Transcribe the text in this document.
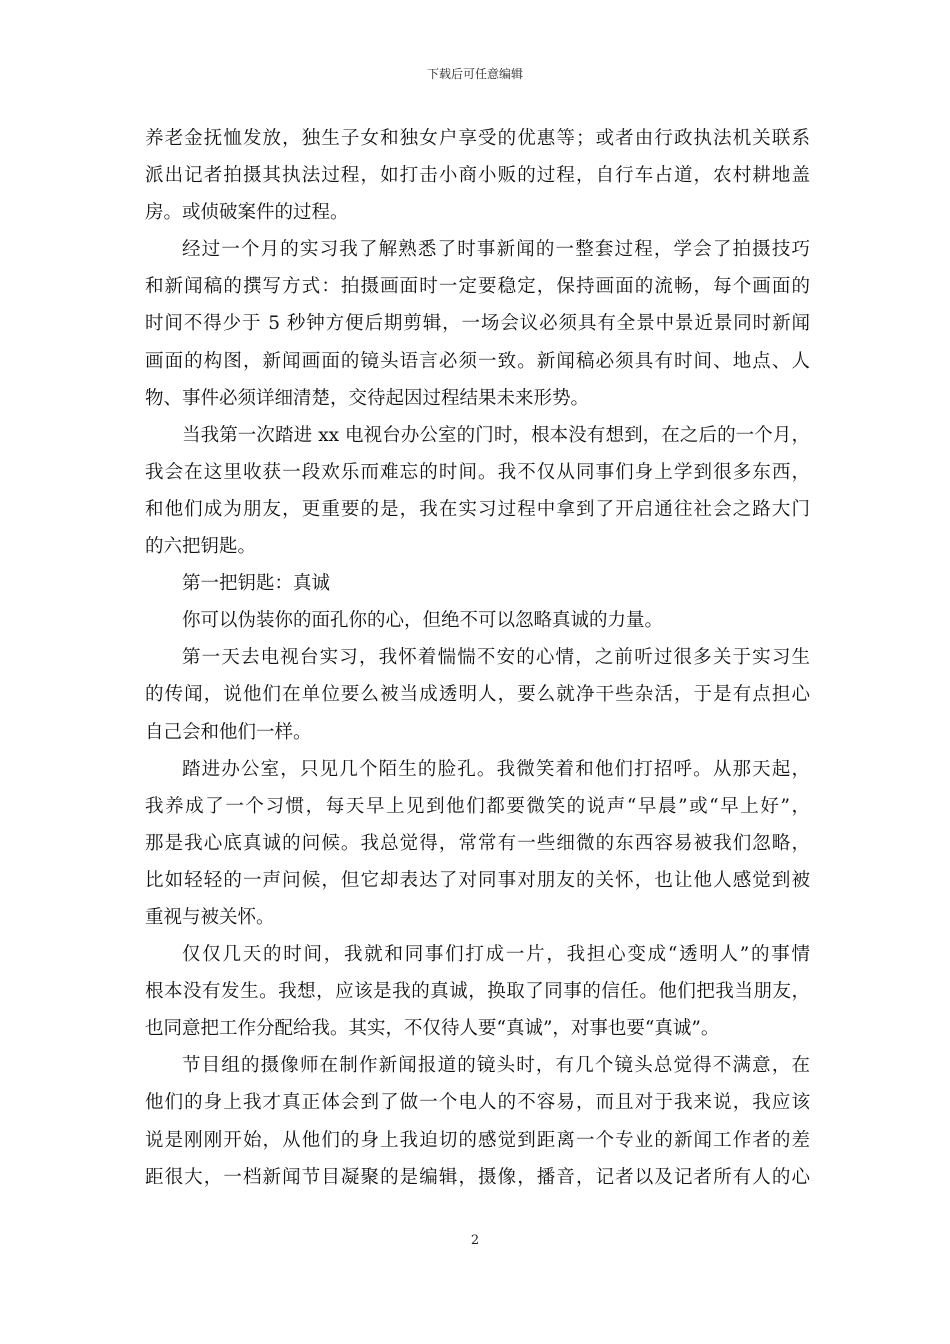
下载后可任意编辑
养老金抚恤发放，独生子女和独女户享受的优惠等；或者由行政执法机关联系
派出记者拍摄其执法过程，如打击小商小贩的过程，自行车占道，农村耕地盖
房。或侦破案件的过程。
经过一个月的实习我了解熟悉了时事新闻的一整套过程，学会了拍摄技巧
和新闻稿的撰写方式：拍摄画面时一定要稳定，保持画面的流畅，每个画面的
时间不得少于 5 秒钟方便后期剪辑，一场会议必须具有全景中景近景同时新闻
画面的构图，新闻画面的镜头语言必须一致。新闻稿必须具有时间、地点、人
物、事件必须详细清楚，交待起因过程结果未来形势。
当我第一次踏进 xx 电视台办公室的门时，根本没有想到，在之后的一个月，
我会在这里收获一段欢乐而难忘的时间。我不仅从同事们身上学到很多东西，
和他们成为朋友，更重要的是，我在实习过程中拿到了开启通往社会之路大门
的六把钥匙。
第一把钥匙：真诚
你可以伪装你的面孔你的心，但绝不可以忽略真诚的力量。
第一天去电视台实习，我怀着惴惴不安的心情，之前听过很多关于实习生
的传闻，说他们在单位要么被当成透明人，要么就净干些杂活，于是有点担心
自己会和他们一样。
踏进办公室，只见几个陌生的脸孔。我微笑着和他们打招呼。从那天起，
我养成了一个习惯，每天早上见到他们都要微笑的说声“早晨”或“早上好”，
那是我心底真诚的问候。我总觉得，常常有一些细微的东西容易被我们忽略，
比如轻轻的一声问候，但它却表达了对同事对朋友的关怀，也让他人感觉到被
重视与被关怀。
仅仅几天的时间，我就和同事们打成一片，我担心变成“透明人”的事情
根本没有发生。我想，应该是我的真诚，换取了同事的信任。他们把我当朋友，
也同意把工作分配给我。其实，不仅待人要“真诚”，对事也要“真诚”。
节目组的摄像师在制作新闻报道的镜头时，有几个镜头总觉得不满意，在
他们的身上我才真正体会到了做一个电人的不容易，而且对于我来说，我应该
说是刚刚开始，从他们的身上我迫切的感觉到距离一个专业的新闻工作者的差
距很大，一档新闻节目凝聚的是编辑，摄像，播音，记者以及记者所有人的心
2
